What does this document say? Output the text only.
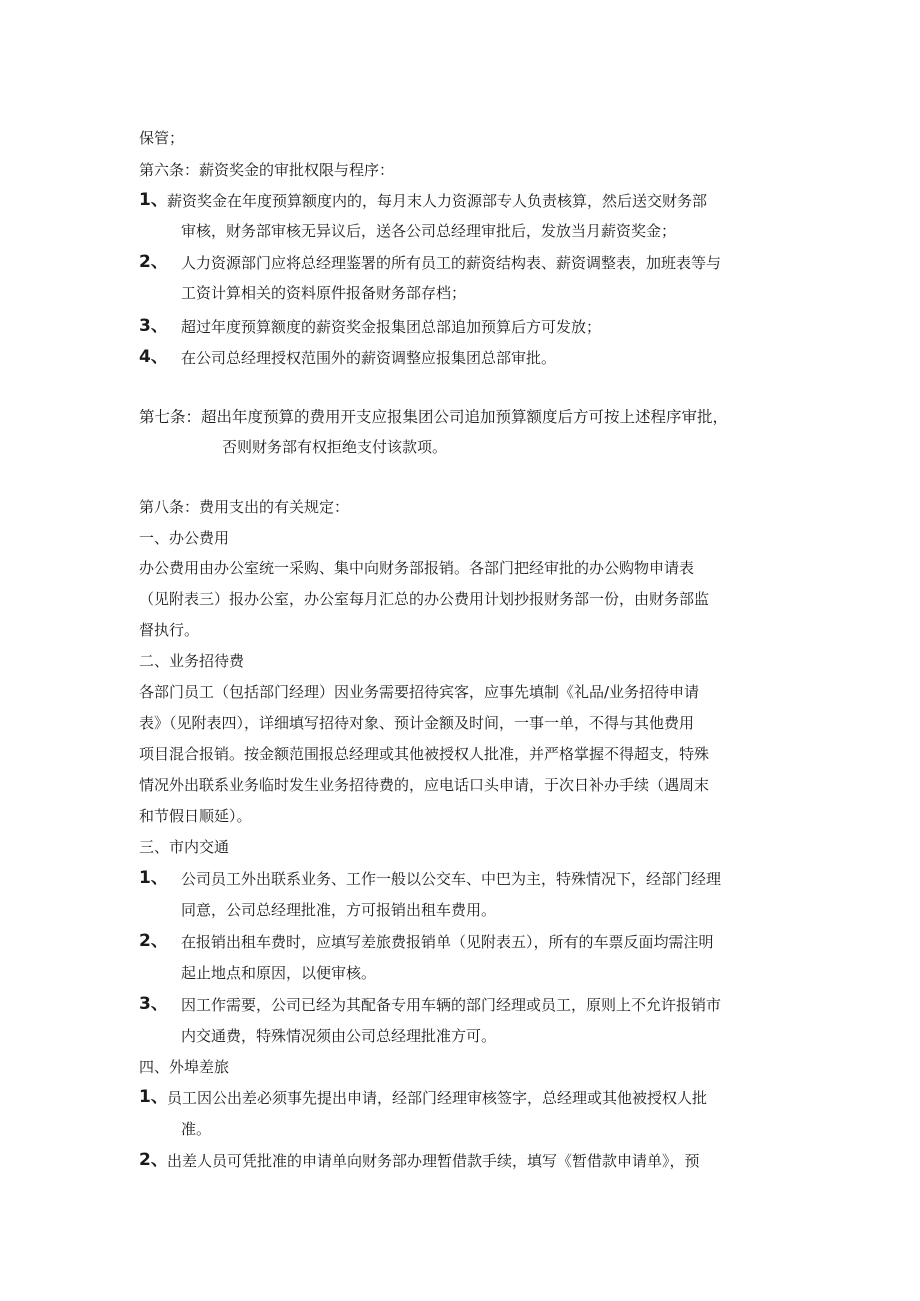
保管；
第六条：薪资奖金的审批权限与程序：
1、 薪资奖金在年度预算额度内的，每月末人力资源部专人负责核算，然后送交财务部
审核，财务部审核无异议后，送各公司总经理审批后，发放当月薪资奖金；
2、 人力资源部门应将总经理鉴署的所有员工的薪资结构表、薪资调整表，加班表等与
工资计算相关的资料原件报备财务部存档；
3、 超过年度预算额度的薪资奖金报集团总部追加预算后方可发放；
4、 在公司总经理授权范围外的薪资调整应报集团总部审批。
第七条：超出年度预算的费用开支应报集团公司追加预算额度后方可按上述程序审批，
否则财务部有权拒绝支付该款项。
第八条：费用支出的有关规定：
一、办公费用
办公费用由办公室统一采购、集中向财务部报销。各部门把经审批的办公购物申请表
（见附表三）报办公室，办公室每月汇总的办公费用计划抄报财务部一份，由财务部监
督执行。
二、业务招待费
各部门员工（包括部门经理）因业务需要招待宾客，应事先填制《礼品/业务招待申请
表》（见附表四），详细填写招待对象、预计金额及时间，一事一单，不得与其他费用
项目混合报销。按金额范围报总经理或其他被授权人批准，并严格掌握不得超支，特殊
情况外出联系业务临时发生业务招待费的，应电话口头申请，于次日补办手续（遇周末
和节假日顺延）。
三、市内交通
1、 公司员工外出联系业务、工作一般以公交车、中巴为主，特殊情况下，经部门经理
同意，公司总经理批准，方可报销出租车费用。
2、 在报销出租车费时，应填写差旅费报销单（见附表五），所有的车票反面均需注明
起止地点和原因，以便审核。
3、 因工作需要，公司已经为其配备专用车辆的部门经理或员工，原则上不允许报销市
内交通费，特殊情况须由公司总经理批准方可。
四、外埠差旅
1、 员工因公出差必须事先提出申请，经部门经理审核签字，总经理或其他被授权人批
准。
2、 出差人员可凭批准的申请单向财务部办理暂借款手续，填写《暂借款申请单》，预
